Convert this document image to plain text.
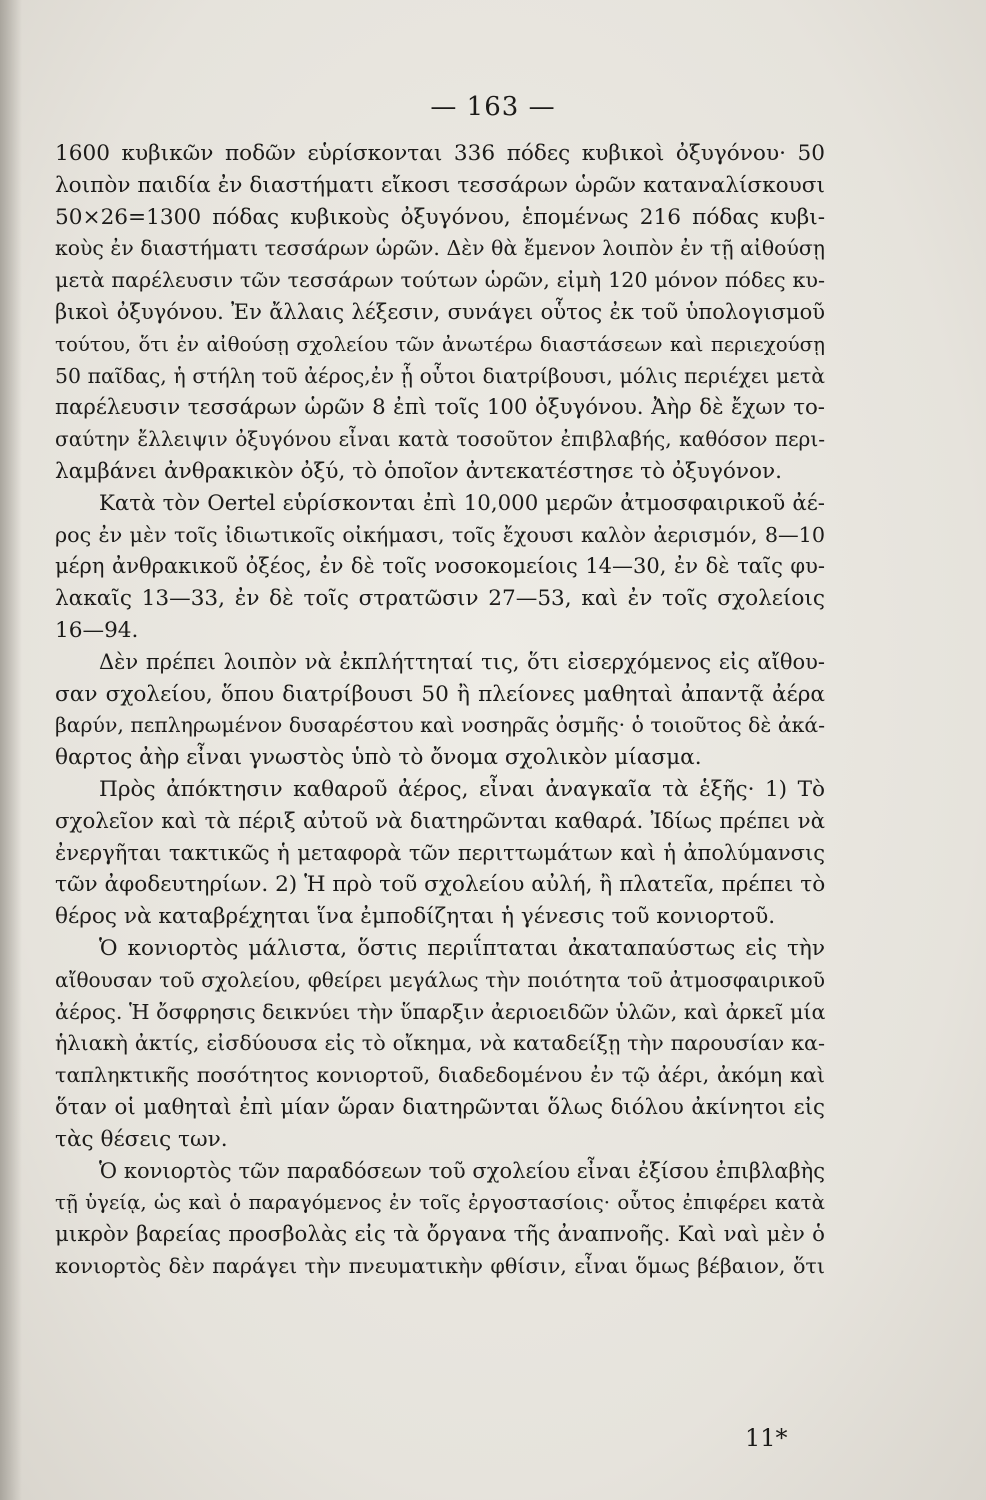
— 163 —
1600 κυβικῶν ποδῶν εὑρίσκονται 336 πόδες κυβικοὶ ὀξυγόνου· 50
λοιπὸν παιδία ἐν διαστήματι εἴκοσι τεσσάρων ὡρῶν καταναλίσκουσι
50×26=1300 πόδας κυβικοὺς ὀξυγόνου, ἑπομένως 216 πόδας κυβι-
κοὺς ἐν διαστήματι τεσσάρων ὡρῶν. Δὲν θὰ ἔμενον λοιπὸν ἐν τῇ αἰθούσῃ
μετὰ παρέλευσιν τῶν τεσσάρων τούτων ὡρῶν, εἰμὴ 120 μόνον πόδες κυ-
βικοὶ ὀξυγόνου. Ἐν ἄλλαις λέξεσιν, συνάγει οὗτος ἐκ τοῦ ὑπολογισμοῦ
τούτου, ὅτι ἐν αἰθούσῃ σχολείου τῶν ἀνωτέρω διαστάσεων καὶ περιεχούσῃ
50 παῖδας, ἡ στήλη τοῦ ἀέρος,ἐν ᾗ οὗτοι διατρίβουσι, μόλις περιέχει μετὰ
παρέλευσιν τεσσάρων ὡρῶν 8 ἐπὶ τοῖς 100 ὀξυγόνου. Ἀὴρ δὲ ἔχων το-
σαύτην ἔλλειψιν ὀξυγόνου εἶναι κατὰ τοσοῦτον ἐπιβλαβής, καθόσον περι-
λαμβάνει ἀνθρακικὸν ὀξύ, τὸ ὁποῖον ἀντεκατέστησε τὸ ὀξυγόνον.
Κατὰ τὸν Oertel εὑρίσκονται ἐπὶ 10,000 μερῶν ἀτμοσφαιρικοῦ ἀέ-
ρος ἐν μὲν τοῖς ἰδιωτικοῖς οἰκήμασι, τοῖς ἔχουσι καλὸν ἀερισμόν, 8—10
μέρη ἀνθρακικοῦ ὀξέος, ἐν δὲ τοῖς νοσοκομείοις 14—30, ἐν δὲ ταῖς φυ-
λακαῖς 13—33, ἐν δὲ τοῖς στρατῶσιν 27—53, καὶ ἐν τοῖς σχολείοις
16—94.
Δὲν πρέπει λοιπὸν νὰ ἐκπλήττηταί τις, ὅτι εἰσερχόμενος εἰς αἴθου-
σαν σχολείου, ὅπου διατρίβουσι 50 ἢ πλείονες μαθηταὶ ἀπαντᾷ ἀέρα
βαρύν, πεπληρωμένον δυσαρέστου καὶ νοσηρᾶς ὀσμῆς· ὁ τοιοῦτος δὲ ἀκά-
θαρτος ἀὴρ εἶναι γνωστὸς ὑπὸ τὸ ὄνομα σχολικὸν μίασμα.
Πρὸς ἀπόκτησιν καθαροῦ ἀέρος, εἶναι ἀναγκαῖα τὰ ἑξῆς· 1) Τὸ
σχολεῖον καὶ τὰ πέριξ αὐτοῦ νὰ διατηρῶνται καθαρά. Ἰδίως πρέπει νὰ
ἐνεργῆται τακτικῶς ἡ μεταφορὰ τῶν περιττωμάτων καὶ ἡ ἀπολύμανσις
τῶν ἀφοδευτηρίων. 2) Ἡ πρὸ τοῦ σχολείου αὐλή, ἢ πλατεῖα, πρέπει τὸ
θέρος νὰ καταβρέχηται ἵνα ἐμποδίζηται ἡ γένεσις τοῦ κονιορτοῦ.
Ὁ κονιορτὸς μάλιστα, ὅστις περιΐπταται ἀκαταπαύστως εἰς τὴν
αἴθουσαν τοῦ σχολείου, φθείρει μεγάλως τὴν ποιότητα τοῦ ἀτμοσφαιρικοῦ
ἀέρος. Ἡ ὄσφρησις δεικνύει τὴν ὕπαρξιν ἀεριοειδῶν ὑλῶν, καὶ ἀρκεῖ μία
ἡλιακὴ ἀκτίς, εἰσδύουσα εἰς τὸ οἴκημα, νὰ καταδείξῃ τὴν παρουσίαν κα-
ταπληκτικῆς ποσότητος κονιορτοῦ, διαδεδομένου ἐν τῷ ἀέρι, ἀκόμη καὶ
ὅταν οἱ μαθηταὶ ἐπὶ μίαν ὥραν διατηρῶνται ὅλως διόλου ἀκίνητοι εἰς
τὰς θέσεις των.
Ὁ κονιορτὸς τῶν παραδόσεων τοῦ σχολείου εἶναι ἐξίσου ἐπιβλαβὴς
τῇ ὑγείᾳ, ὡς καὶ ὁ παραγόμενος ἐν τοῖς ἐργοστασίοις· οὗτος ἐπιφέρει κατὰ
μικρὸν βαρείας προσβολὰς εἰς τὰ ὄργανα τῆς ἀναπνοῆς. Καὶ ναὶ μὲν ὁ
κονιορτὸς δὲν παράγει τὴν πνευματικὴν φθίσιν, εἶναι ὅμως βέβαιον, ὅτι
11*
